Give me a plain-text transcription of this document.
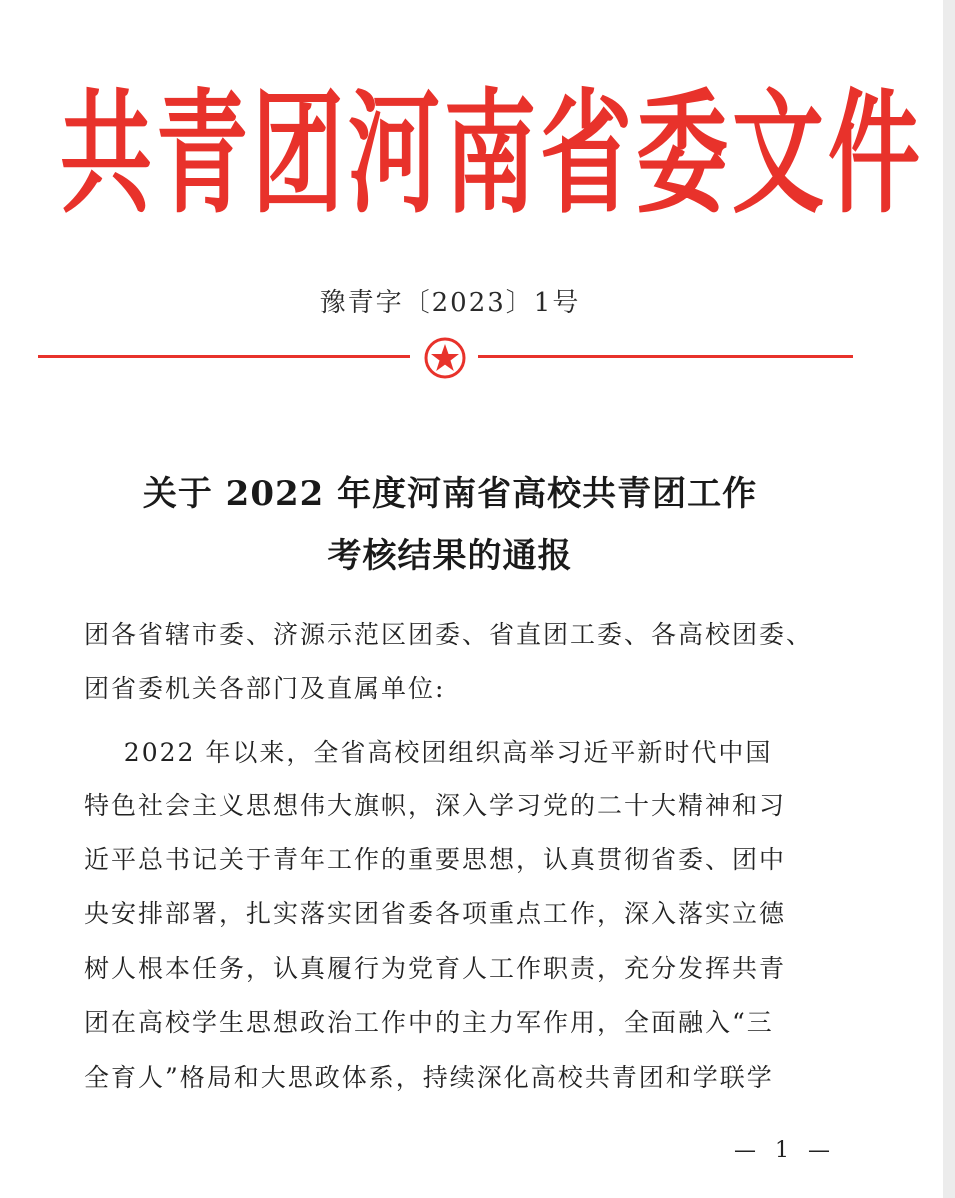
共青团河南省委文件
豫青字〔2023〕1号
关于 2022 年度河南省高校共青团工作
考核结果的通报
团各省辖市委、济源示范区团委、省直团工委、各高校团委、
团省委机关各部门及直属单位:
2022 年以来，全省高校团组织高举习近平新时代中国
特色社会主义思想伟大旗帜，深入学习党的二十大精神和习
近平总书记关于青年工作的重要思想，认真贯彻省委、团中
央安排部署，扎实落实团省委各项重点工作，深入落实立德
树人根本任务，认真履行为党育人工作职责，充分发挥共青
团在高校学生思想政治工作中的主力军作用，全面融入“三
全育人”格局和大思政体系，持续深化高校共青团和学联学
— 1 —
